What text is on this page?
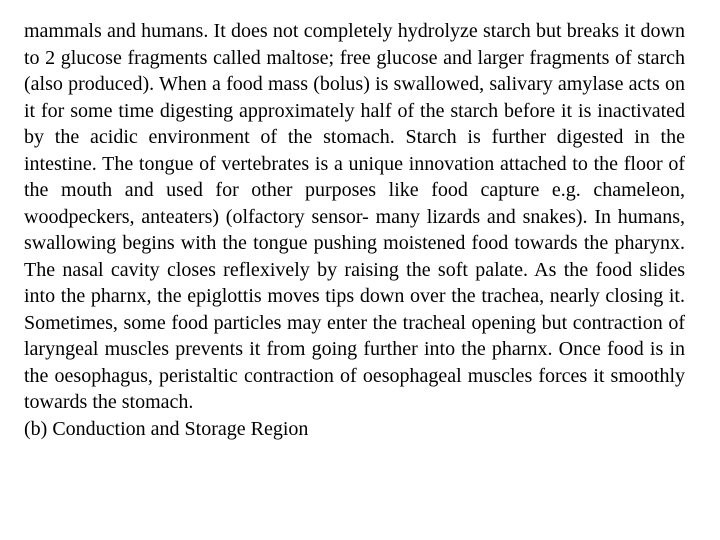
mammals and humans. It does not completely hydrolyze starch but breaks it down to 2 glucose fragments called maltose; free glucose and larger fragments of starch (also produced). When a food mass (bolus) is swallowed, salivary amylase acts on it for some time digesting approximately half of the starch before it is inactivated by the acidic environment of the stomach. Starch is further digested in the intestine. The tongue of vertebrates is a unique innovation attached to the floor of the mouth and used for other purposes like food capture e.g. chameleon, woodpeckers, anteaters) (olfactory sensor- many lizards and snakes). In humans, swallowing begins with the tongue pushing moistened food towards the pharynx. The nasal cavity closes reflexively by raising the soft palate. As the food slides into the pharnx, the epiglottis moves tips down over the trachea, nearly closing it. Sometimes, some food particles may enter the tracheal opening but contraction of laryngeal muscles prevents it from going further into the pharnx. Once food is in the oesophagus, peristaltic contraction of oesophageal muscles forces it smoothly towards the stomach.

(b) Conduction and Storage Region
